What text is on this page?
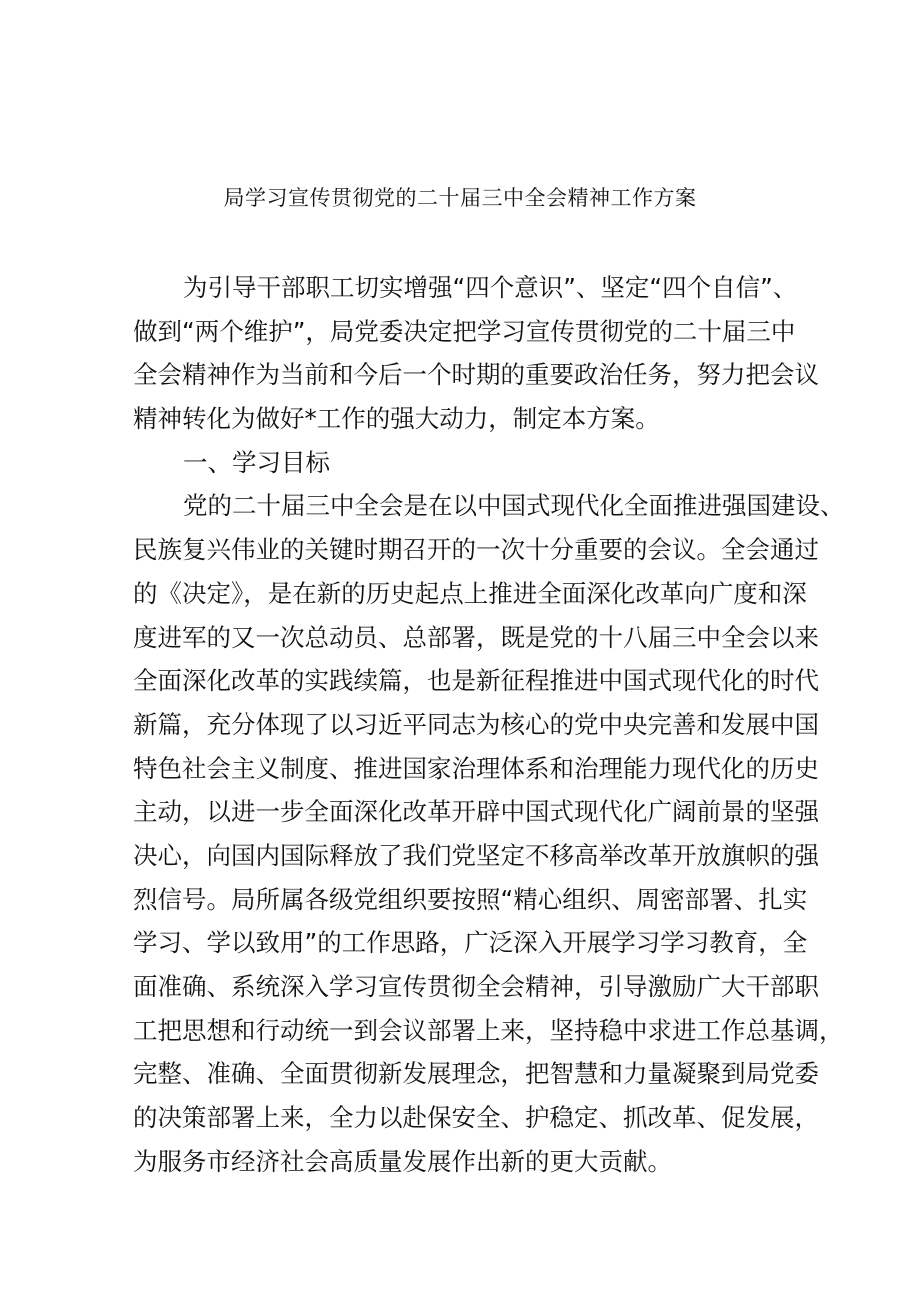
局学习宣传贯彻党的二十届三中全会精神工作方案
为引导干部职工切实增强“四个意识”、坚定“四个自信”、
做到“两个维护”，局党委决定把学习宣传贯彻党的二十届三中
全会精神作为当前和今后一个时期的重要政治任务，努力把会议
精神转化为做好*工作的强大动力，制定本方案。
一、学习目标
党的二十届三中全会是在以中国式现代化全面推进强国建设、
民族复兴伟业的关键时期召开的一次十分重要的会议。全会通过
的《决定》，是在新的历史起点上推进全面深化改革向广度和深
度进军的又一次总动员、总部署，既是党的十八届三中全会以来
全面深化改革的实践续篇，也是新征程推进中国式现代化的时代
新篇，充分体现了以习近平同志为核心的党中央完善和发展中国
特色社会主义制度、推进国家治理体系和治理能力现代化的历史
主动，以进一步全面深化改革开辟中国式现代化广阔前景的坚强
决心，向国内国际释放了我们党坚定不移高举改革开放旗帜的强
烈信号。局所属各级党组织要按照“精心组织、周密部署、扎实
学习、学以致用”的工作思路，广泛深入开展学习学习教育，全
面准确、系统深入学习宣传贯彻全会精神，引导激励广大干部职
工把思想和行动统一到会议部署上来，坚持稳中求进工作总基调，
完整、准确、全面贯彻新发展理念，把智慧和力量凝聚到局党委
的决策部署上来，全力以赴保安全、护稳定、抓改革、促发展，
为服务市经济社会高质量发展作出新的更大贡献。
